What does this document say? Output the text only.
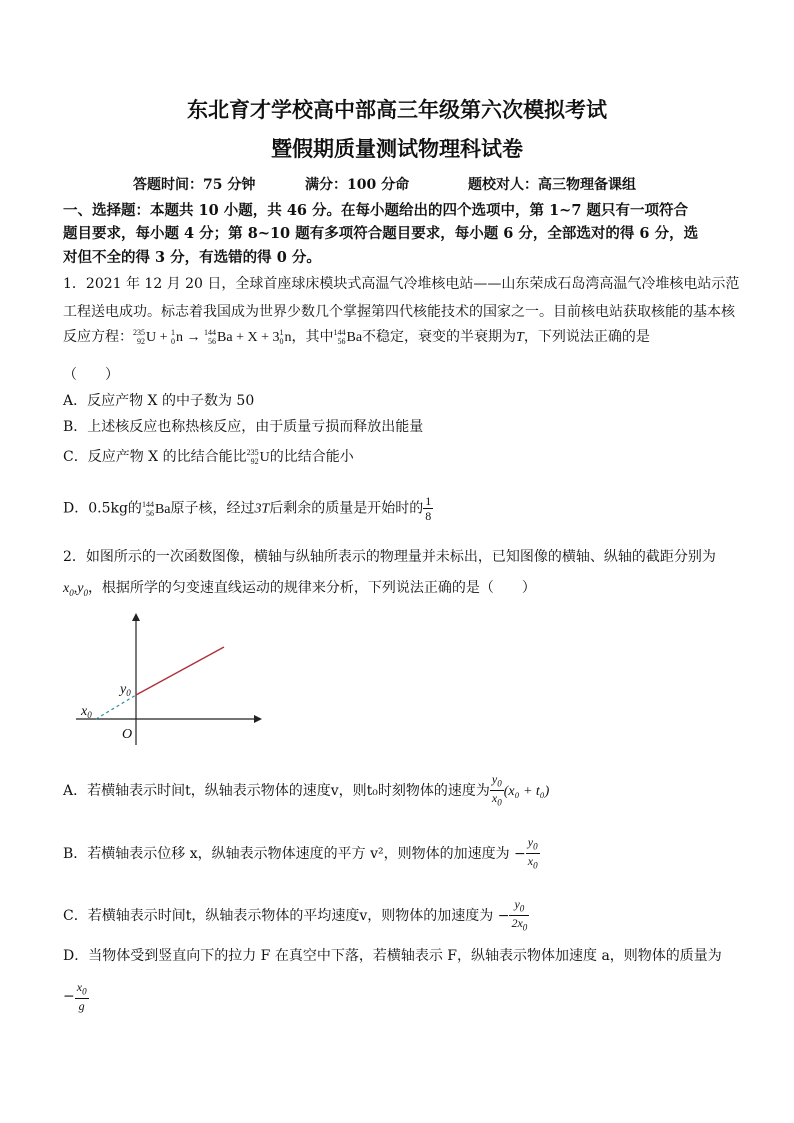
东北育才学校高中部高三年级第六次模拟考试
暨假期质量测试物理科试卷
答题时间：75 分钟	满分：100 分命	题校对人：高三物理备课组
一、选择题：本题共 10 小题，共 46 分。在每小题给出的四个选项中，第 1~7 题只有一项符合
题目要求，每小题 4 分；第 8~10 题有多项符合题目要求，每小题 6 分，全部选对的得 6 分，选
对但不全的得 3 分，有选错的得 0 分。
1．2021 年 12 月 20 日，全球首座球床模块式高温气冷堆核电站——山东荣成石岛湾高温气冷堆核电站示范
工程送电成功。标志着我国成为世界少数几个掌握第四代核能技术的国家之一。目前核电站获取核能的基本核
反应方程：235
92U + 1
0n → 144
56Ba + X + 31
0n，其中144
56Ba不稳定，衰变的半衰期为T，下列说法正确的是
（　　）
A．反应产物 X 的中子数为 50
B．上述核反应也称热核反应，由于质量亏损而释放出能量
C．反应产物 X 的比结合能比235
92U的比结合能小
D．0.5kg的144
56Ba原子核，经过3T后剩余的质量是开始时的 $\frac{1}{8}$
2．如图所示的一次函数图像，横轴与纵轴所表示的物理量并未标出，已知图像的横轴、纵轴的截距分别为
$x_0,y_0$，根据所学的匀变速直线运动的规律来分析，下列说法正确的是（　　）
$y_0$
$x_0$
O
A．若横轴表示时间t，纵轴表示物体的速度v，则t₀时刻物体的速度为 $\frac{y_0}{x_0} (x_0 + t_0)$
B．若横轴表示位移 x，纵轴表示物体速度的平方 v²，则物体的加速度为 − $\frac{y_0}{x_0}$
C．若横轴表示时间t，纵轴表示物体的平均速度v，则物体的加速度为 − $\frac{y_0}{2x_0}$
D．当物体受到竖直向下的拉力 F 在真空中下落，若横轴表示 F，纵轴表示物体加速度 a，则物体的质量为
− $\frac{x_0}{g}$
